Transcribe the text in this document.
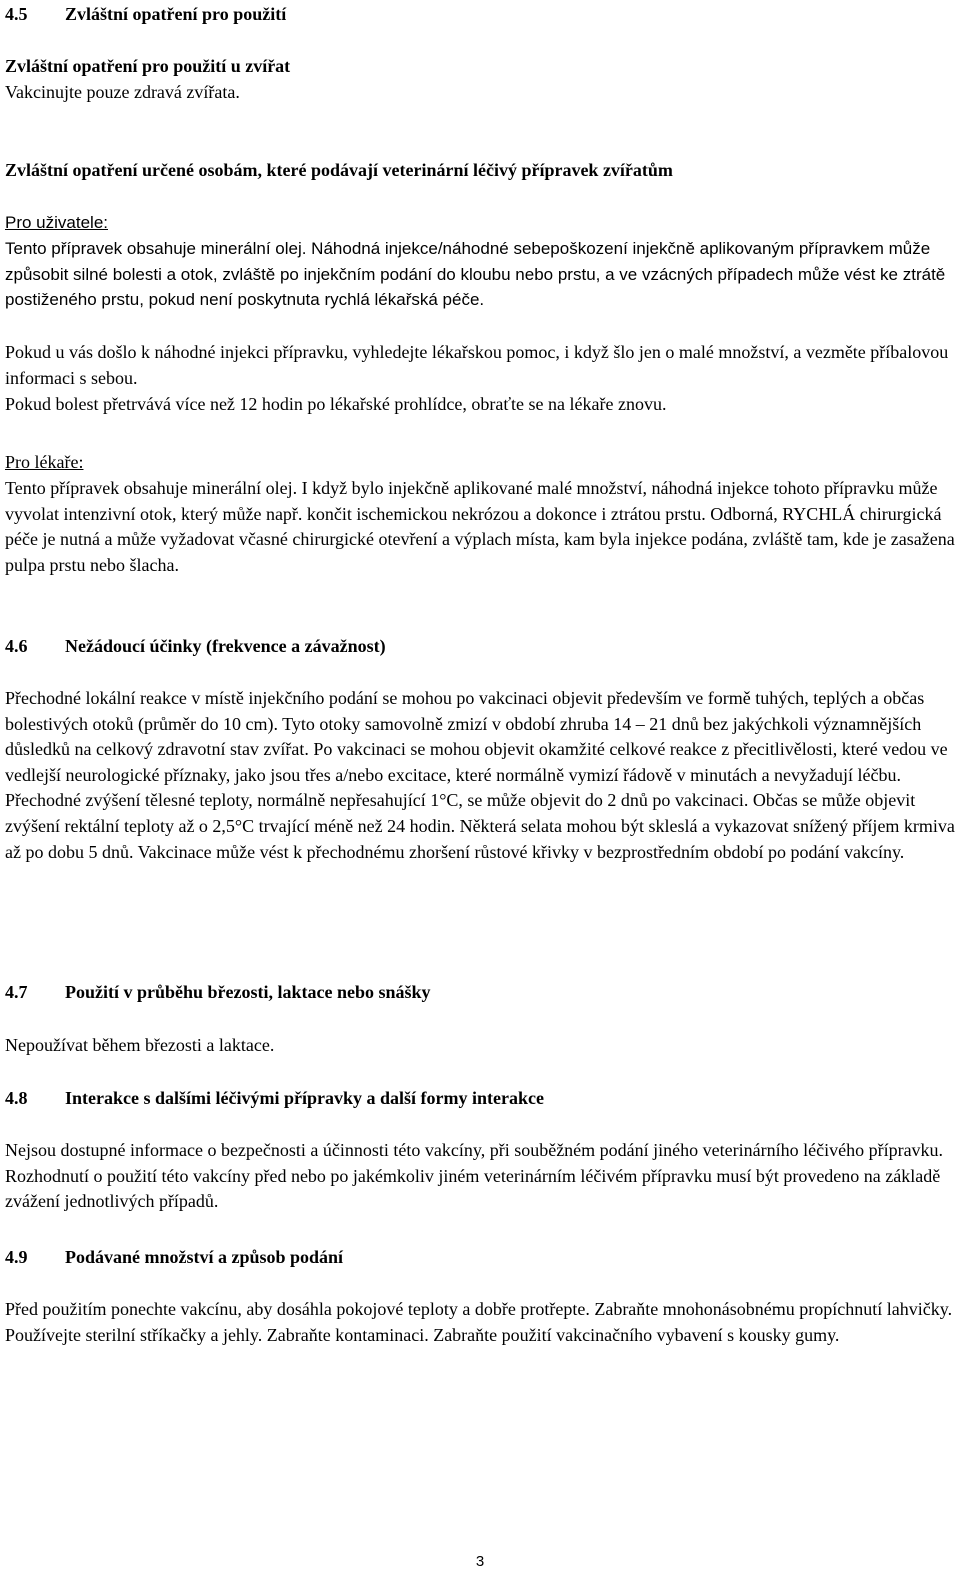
4.5	Zvláštní opatření pro použití

Zvláštní opatření pro použití u zvířat

Vakcinujte pouze zdravá zvířata.

Zvláštní opatření určené osobám, které podávají veterinární léčivý přípravek zvířatům

Pro uživatele:

Tento přípravek obsahuje minerální olej. Náhodná injekce/náhodné sebepoškození injekčně aplikovaným přípravkem může způsobit silné bolesti a otok, zvláště po injekčním podání do kloubu nebo prstu, a ve vzácných případech může vést ke ztrátě postiženého prstu, pokud není poskytnuta rychlá lékařská péče.

Pokud u vás došlo k náhodné injekci přípravku, vyhledejte lékařskou pomoc, i když šlo jen o malé množství, a vezměte příbalovou informaci s sebou.

Pokud bolest přetrvává více než 12 hodin po lékařské prohlídce, obraťte se na lékaře znovu.

Pro lékaře:

Tento přípravek obsahuje minerální olej. I když bylo injekčně aplikované malé množství, náhodná injekce tohoto přípravku může vyvolat intenzivní otok, který může např. končit ischemickou nekrózou a dokonce i ztrátou prstu. Odborná, RYCHLÁ chirurgická péče je nutná a může vyžadovat včasné chirurgické otevření a výplach místa, kam byla injekce podána, zvláště tam, kde je zasažena pulpa prstu nebo šlacha.

4.6	Nežádoucí účinky (frekvence a závažnost)

Přechodné lokální reakce v místě injekčního podání se mohou po vakcinaci objevit především ve formě tuhých, teplých a občas bolestivých otoků (průměr do 10 cm). Tyto otoky samovolně zmizí v období zhruba 14 – 21 dnů bez jakýchkoli významnějších důsledků na celkový zdravotní stav zvířat. Po vakcinaci se mohou objevit okamžité celkové reakce z přecitlivělosti, které vedou ve vedlejší neurologické příznaky, jako jsou třes a/nebo excitace, které normálně vymizí řádově v minutách a nevyžadují léčbu. Přechodné zvýšení tělesné teploty, normálně nepřesahující 1°C, se může objevit do 2 dnů po vakcinaci. Občas se může objevit zvýšení rektální teploty až o 2,5°C trvající méně než 24 hodin. Některá selata mohou být skleslá a vykazovat snížený příjem krmiva až po dobu 5 dnů. Vakcinace může vést k přechodnému zhoršení růstové křivky v bezprostředním období po podání vakcíny.

4.7	Použití v průběhu březosti, laktace nebo snášky

Nepoužívat během březosti a laktace.

4.8	Interakce s dalšími léčivými přípravky a další formy interakce

Nejsou dostupné informace o bezpečnosti a účinnosti této vakcíny, při souběžném podání jiného veterinárního léčivého přípravku. Rozhodnutí o použití této vakcíny před nebo po jakémkoliv jiném veterinárním léčivém přípravku musí být provedeno na základě zvážení jednotlivých případů.

4.9	Podávané množství a způsob podání

Před použitím ponechte vakcínu, aby dosáhla pokojové teploty a dobře protřepte. Zabraňte mnohonásobnému propíchnutí lahvičky. Používejte sterilní stříkačky a jehly. Zabraňte kontaminaci. Zabraňte použití vakcinačního vybavení s kousky gumy.

3
